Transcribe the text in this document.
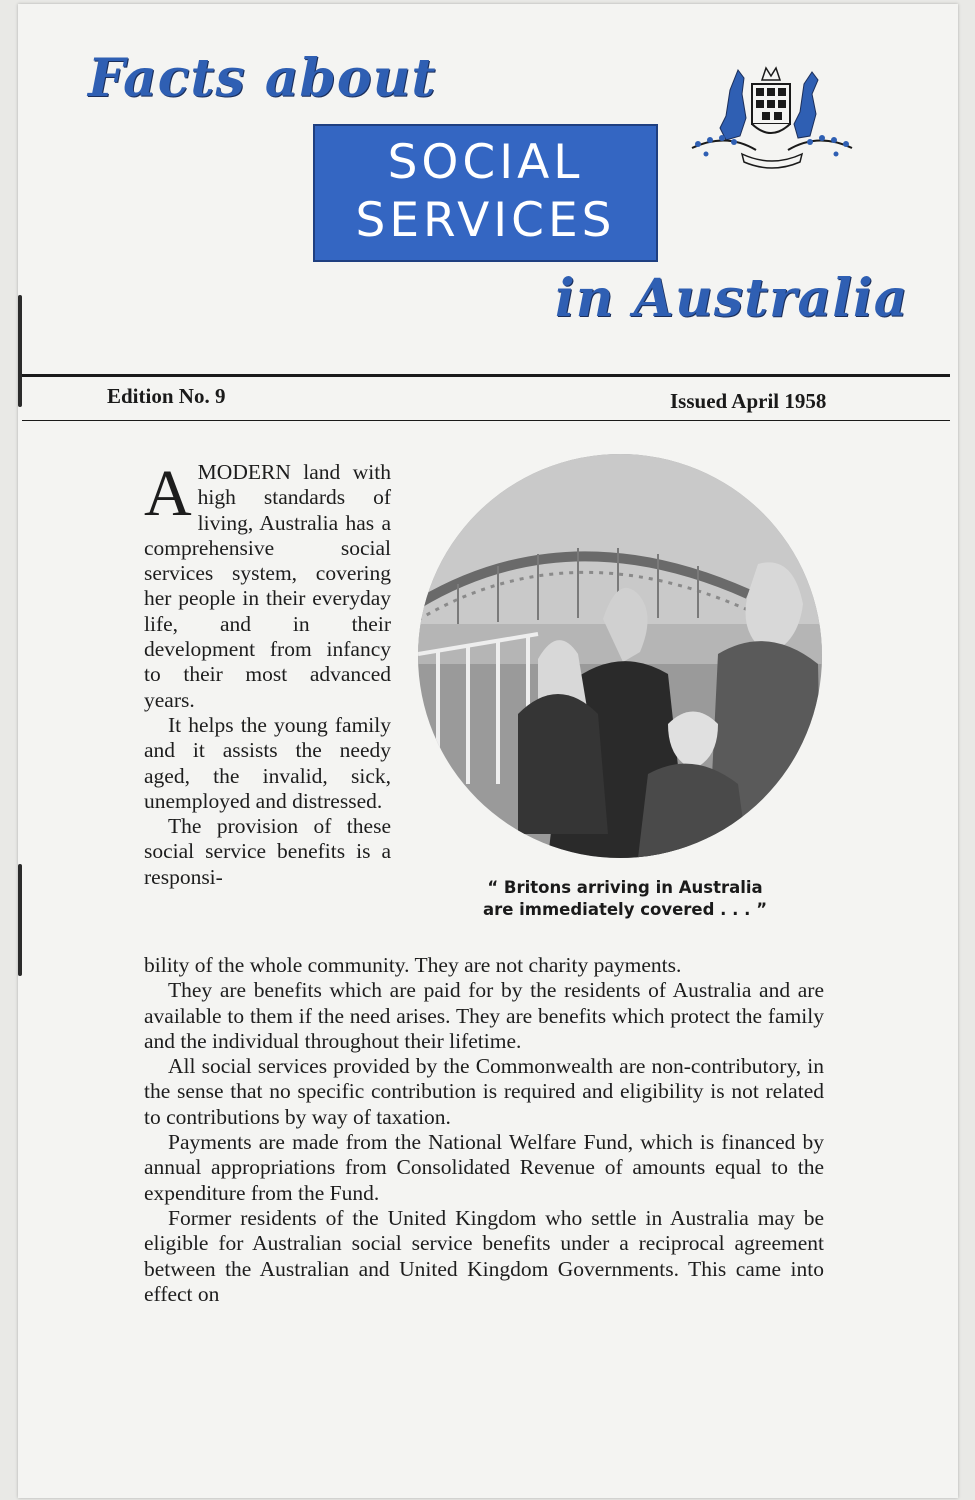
Facts about
SOCIAL
SERVICES
in Australia
Edition No. 9	Issued April 1958

A MODERN land with high standards of living, Australia has a comprehensive social services system, covering her people in their everyday life, and in their development from infancy to their most advanced years.

It helps the young family and it assists the needy aged, the invalid, sick, unemployed and distressed.

The provision of these social service benefits is a responsi-	“ Britons arriving in Australia
are immediately covered . . . ”

bility of the whole community. They are not charity payments.

They are benefits which are paid for by the residents of Australia and are available to them if the need arises. They are benefits which protect the family and the individual throughout their lifetime.

All social services provided by the Commonwealth are non-contributory, in the sense that no specific contribution is required and eligibility is not related to contributions by way of taxation.

Payments are made from the National Welfare Fund, which is financed by annual appropriations from Consolidated Revenue of amounts equal to the expenditure from the Fund.

Former residents of the United Kingdom who settle in Australia may be eligible for Australian social service benefits under a reciprocal agreement between the Australian and United Kingdom Governments. This came into effect on
